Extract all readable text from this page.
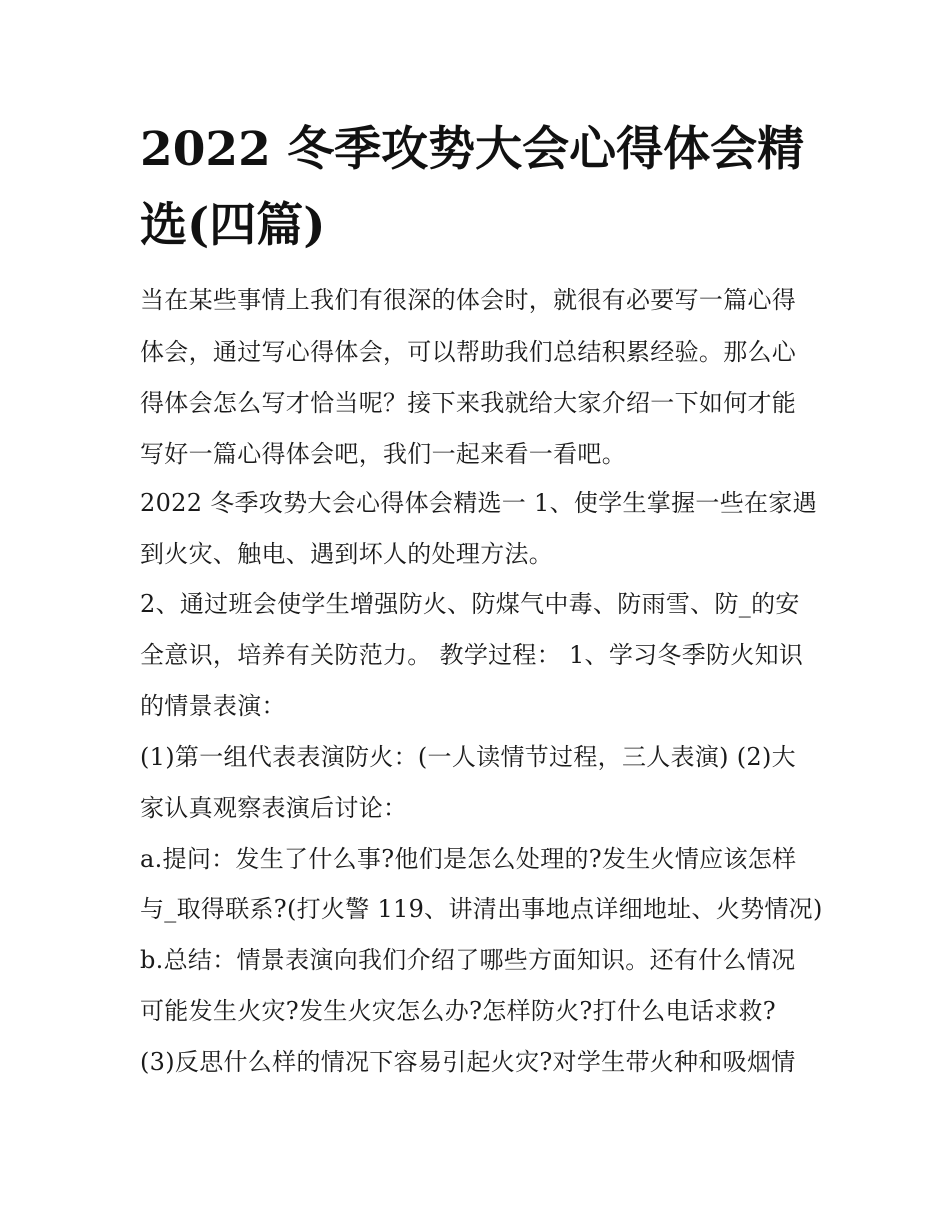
2022 冬季攻势大会心得体会精
选(四篇)
当在某些事情上我们有很深的体会时，就很有必要写一篇心得
体会，通过写心得体会，可以帮助我们总结积累经验。那么心
得体会怎么写才恰当呢？接下来我就给大家介绍一下如何才能
写好一篇心得体会吧，我们一起来看一看吧。
2022 冬季攻势大会心得体会精选一 1、使学生掌握一些在家遇
到火灾、触电、遇到坏人的处理方法。
2、通过班会使学生增强防火、防煤气中毒、防雨雪、防_的安
全意识，培养有关防范力。 教学过程： 1、学习冬季防火知识
的情景表演：
(1)第一组代表表演防火：(一人读情节过程，三人表演) (2)大
家认真观察表演后讨论：
a.提问：发生了什么事?他们是怎么处理的?发生火情应该怎样
与_取得联系?(打火警 119、讲清出事地点详细地址、火势情况)
b.总结：情景表演向我们介绍了哪些方面知识。还有什么情况
可能发生火灾?发生火灾怎么办?怎样防火?打什么电话求救?
(3)反思什么样的情况下容易引起火灾?对学生带火种和吸烟情
